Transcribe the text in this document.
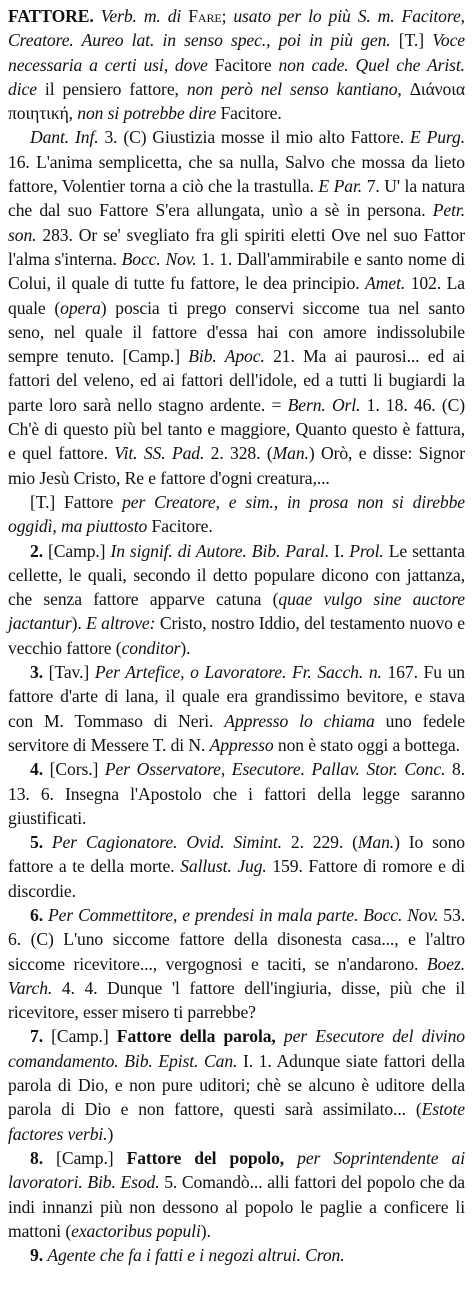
FATTORE. Verb. m. di Fare; usato per lo più S. m. Facitore, Creatore. Aureo lat. in senso spec., poi in più gen. [T.] Voce necessaria a certi usi, dove Facitore non cade. Quel che Arist. dice il pensiero fattore, non però nel senso kantiano, Διάνοια ποιητική, non si potrebbe dire Facitore.

Dant. Inf. 3. (C) Giustizia mosse il mio alto Fattore. E Purg. 16. L'anima semplicetta, che sa nulla, Salvo che mossa da lieto fattore, Volentier torna a ciò che la trastulla. E Par. 7. U' la natura che dal suo Fattore S'era allungata, unìo a sè in persona. Petr. son. 283. Or se' svegliato fra gli spiriti eletti Ove nel suo Fattor l'alma s'interna. Bocc. Nov. 1. 1. Dall'ammirabile e santo nome di Colui, il quale di tutte fu fattore, le dea principio. Amet. 102. La quale (opera) poscia ti prego conservi siccome tua nel santo seno, nel quale il fattore d'essa hai con amore indissolubile sempre tenuto. [Camp.] Bib. Apoc. 21. Ma ai paurosi... ed ai fattori del veleno, ed ai fattori dell'idole, ed a tutti li bugiardi la parte loro sarà nello stagno ardente. = Bern. Orl. 1. 18. 46. (C) Ch'è di questo più bel tanto e maggiore, Quanto questo è fattura, e quel fattore. Vit. SS. Pad. 2. 328. (Man.) Orò, e disse: Signor mio Jesù Cristo, Re e fattore d'ogni creatura,...

[T.] Fattore per Creatore, e sim., in prosa non si direbbe oggidì, ma piuttosto Facitore.

2. [Camp.] In signif. di Autore. Bib. Paral. I. Prol. Le settanta cellette, le quali, secondo il detto populare dicono con jattanza, che senza fattore apparve catuna (quae vulgo sine auctore jactantur). E altrove: Cristo, nostro Iddio, del testamento nuovo e vecchio fattore (conditor).

3. [Tav.] Per Artefice, o Lavoratore. Fr. Sacch. n. 167. Fu un fattore d'arte di lana, il quale era grandissimo bevitore, e stava con M. Tommaso di Neri. Appresso lo chiama uno fedele servitore di Messere T. di N. Appresso non è stato oggi a bottega.

4. [Cors.] Per Osservatore, Esecutore. Pallav. Stor. Conc. 8. 13. 6. Insegna l'Apostolo che i fattori della legge saranno giustificati.

5. Per Cagionatore. Ovid. Simint. 2. 229. (Man.) Io sono fattore a te della morte. Sallust. Jug. 159. Fattore di romore e di discordie.

6. Per Commettitore, e prendesi in mala parte. Bocc. Nov. 53. 6. (C) L'uno siccome fattore della disonesta casa..., e l'altro siccome ricevitore..., vergognosi e taciti, se n'andarono. Boez. Varch. 4. 4. Dunque 'l fattore dell'ingiuria, disse, più che il ricevitore, esser misero ti parrebbe?

7. [Camp.] Fattore della parola, per Esecutore del divino comandamento. Bib. Epist. Can. I. 1. Adunque siate fattori della parola di Dio, e non pure uditori; chè se alcuno è uditore della parola di Dio e non fattore, questi sarà assimilato... (Estote factores verbi.)

8. [Camp.] Fattore del popolo, per Soprintendente ai lavoratori. Bib. Esod. 5. Comandò... alli fattori del popolo che da indi innanzi più non dessono al popolo le paglie a conficere li mattoni (exactoribus populi).

9. Agente che fa i fatti e i negozi altrui. Cron.
